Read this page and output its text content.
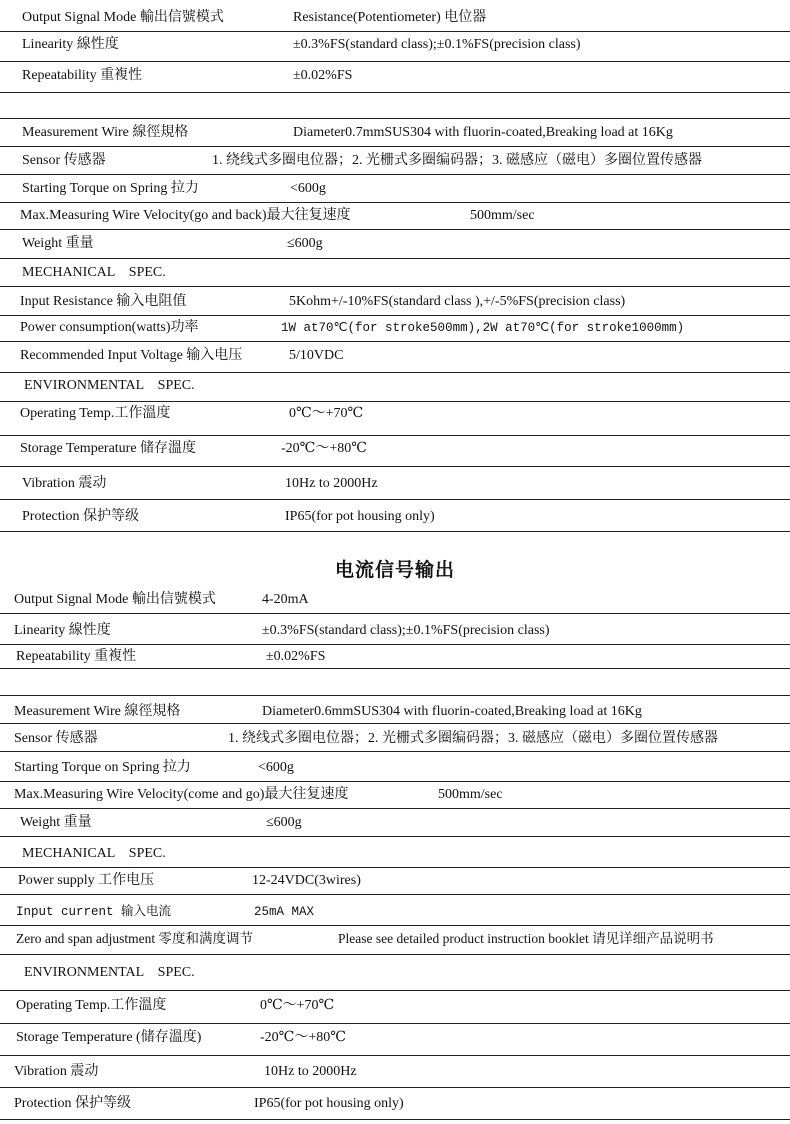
Output Signal Mode 輸出信號模式	Resistance(Potentiometer) 电位器
Linearity 線性度	±0.3%FS(standard class);±0.1%FS(precision class)
Repeatability 重複性	±0.02%FS
Measurement Wire 線徑規格	Diameter0.7mmSUS304 with fluorin-coated,Breaking load at 16Kg
Sensor 传感器	1. 绕线式多圈电位器；2. 光栅式多圈编码器；3. 磁感应（磁电）多圈位置传感器
Starting Torque on Spring 拉力	<600g
Max.Measuring Wire Velocity(go and back)最大往复速度	500mm/sec
Weight 重量	≤600g
MECHANICAL    SPEC.
Input Resistance 输入电阻值	5Kohm+/-10%FS(standard class ),+/-5%FS(precision class)
Power consumption(watts)功率	1W at70℃(for stroke500mm),2W at70℃(for stroke1000mm)
Recommended Input Voltage 输入电压	5/10VDC
ENVIRONMENTAL    SPEC.
Operating Temp.工作溫度	0℃～+70℃
Storage Temperature 储存溫度	-20℃～+80℃
Vibration 震动	10Hz to 2000Hz
Protection 保护等级	IP65(for pot housing only)
电流信号输出
Output Signal Mode 輸出信號模式	4-20mA
Linearity 線性度	±0.3%FS(standard class);±0.1%FS(precision class)
Repeatability 重複性	±0.02%FS
Measurement Wire 線徑規格	Diameter0.6mmSUS304 with fluorin-coated,Breaking load at 16Kg
Sensor 传感器	1. 绕线式多圈电位器；2. 光栅式多圈编码器；3. 磁感应（磁电）多圈位置传感器
Starting Torque on Spring 拉力	<600g
Max.Measuring Wire Velocity(come and go)最大往复速度	500mm/sec
Weight 重量	≤600g
MECHANICAL    SPEC.
Power supply 工作电压	12-24VDC(3wires)
Input current 输入电流	25mA MAX
Zero and span adjustment 零度和满度调节	Please see detailed product instruction booklet 请见详细产品说明书
ENVIRONMENTAL    SPEC.
Operating Temp.工作溫度	0℃～+70℃
Storage Temperature (储存溫度)	-20℃～+80℃
Vibration 震动	10Hz to 2000Hz
Protection 保护等级	IP65(for pot housing only)
